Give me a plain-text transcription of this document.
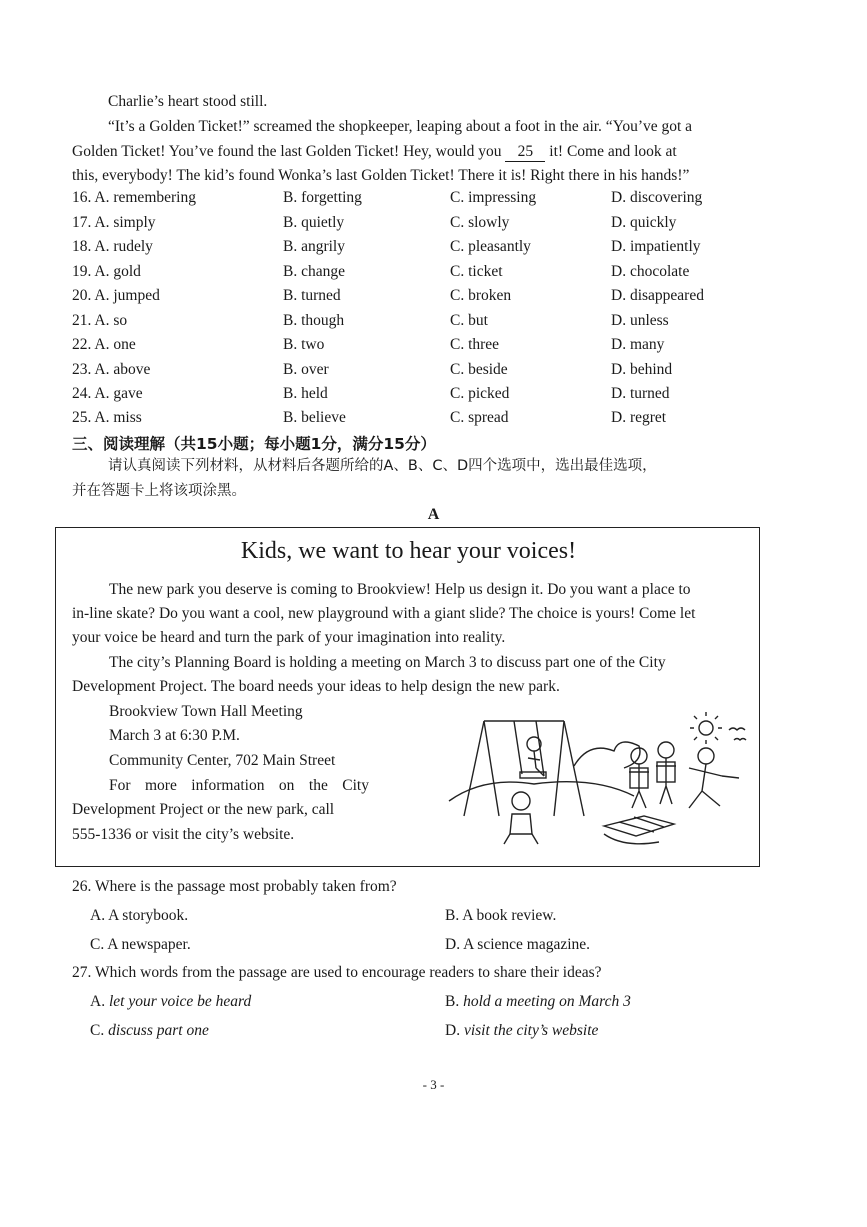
Charlie’s heart stood still.
“It’s a Golden Ticket!” screamed the shopkeeper, leaping about a foot in the air. “You’ve got a
Golden Ticket! You’ve found the last Golden Ticket! Hey, would you 25 it! Come and look at
this, everybody! The kid’s found Wonka’s last Golden Ticket! There it is! Right there in his hands!”
16. A. remembering	B. forgetting	C. impressing	D. discovering
17. A. simply	B. quietly	C. slowly	D. quickly
18. A. rudely	B. angrily	C. pleasantly	D. impatiently
19. A. gold	B. change	C. ticket	D. chocolate
20. A. jumped	B. turned	C. broken	D. disappeared
21. A. so	B. though	C. but	D. unless
22. A. one	B. two	C. three	D. many
23. A. above	B. over	C. beside	D. behind
24. A. gave	B. held	C. picked	D. turned
25. A. miss	B. believe	C. spread	D. regret
三、阅读理解（共15小题；每小题1分，满分15分）
请认真阅读下列材料，从材料后各题所给的A、B、C、D四个选项中，选出最佳选项，
并在答题卡上将该项涂黑。
A
Kids, we want to hear your voices!
The new park you deserve is coming to Brookview! Help us design it. Do you want a place to
in-line skate? Do you want a cool, new playground with a giant slide? The choice is yours! Come let
your voice be heard and turn the park of your imagination into reality.
The city’s Planning Board is holding a meeting on March 3 to discuss part one of the City
Development Project. The board needs your ideas to help design the new park.
Brookview Town Hall Meeting
March 3 at 6:30 P.M.
Community Center, 702 Main Street
For more information on the City
Development Project or the new park, call
555-1336 or visit the city’s website.
26. Where is the passage most probably taken from?
A. A storybook.	B. A book review.
C. A newspaper.	D. A science magazine.
27. Which words from the passage are used to encourage readers to share their ideas?
A. let your voice be heard	B. hold a meeting on March 3
C. discuss part one	D. visit the city’s website
- 3 -
